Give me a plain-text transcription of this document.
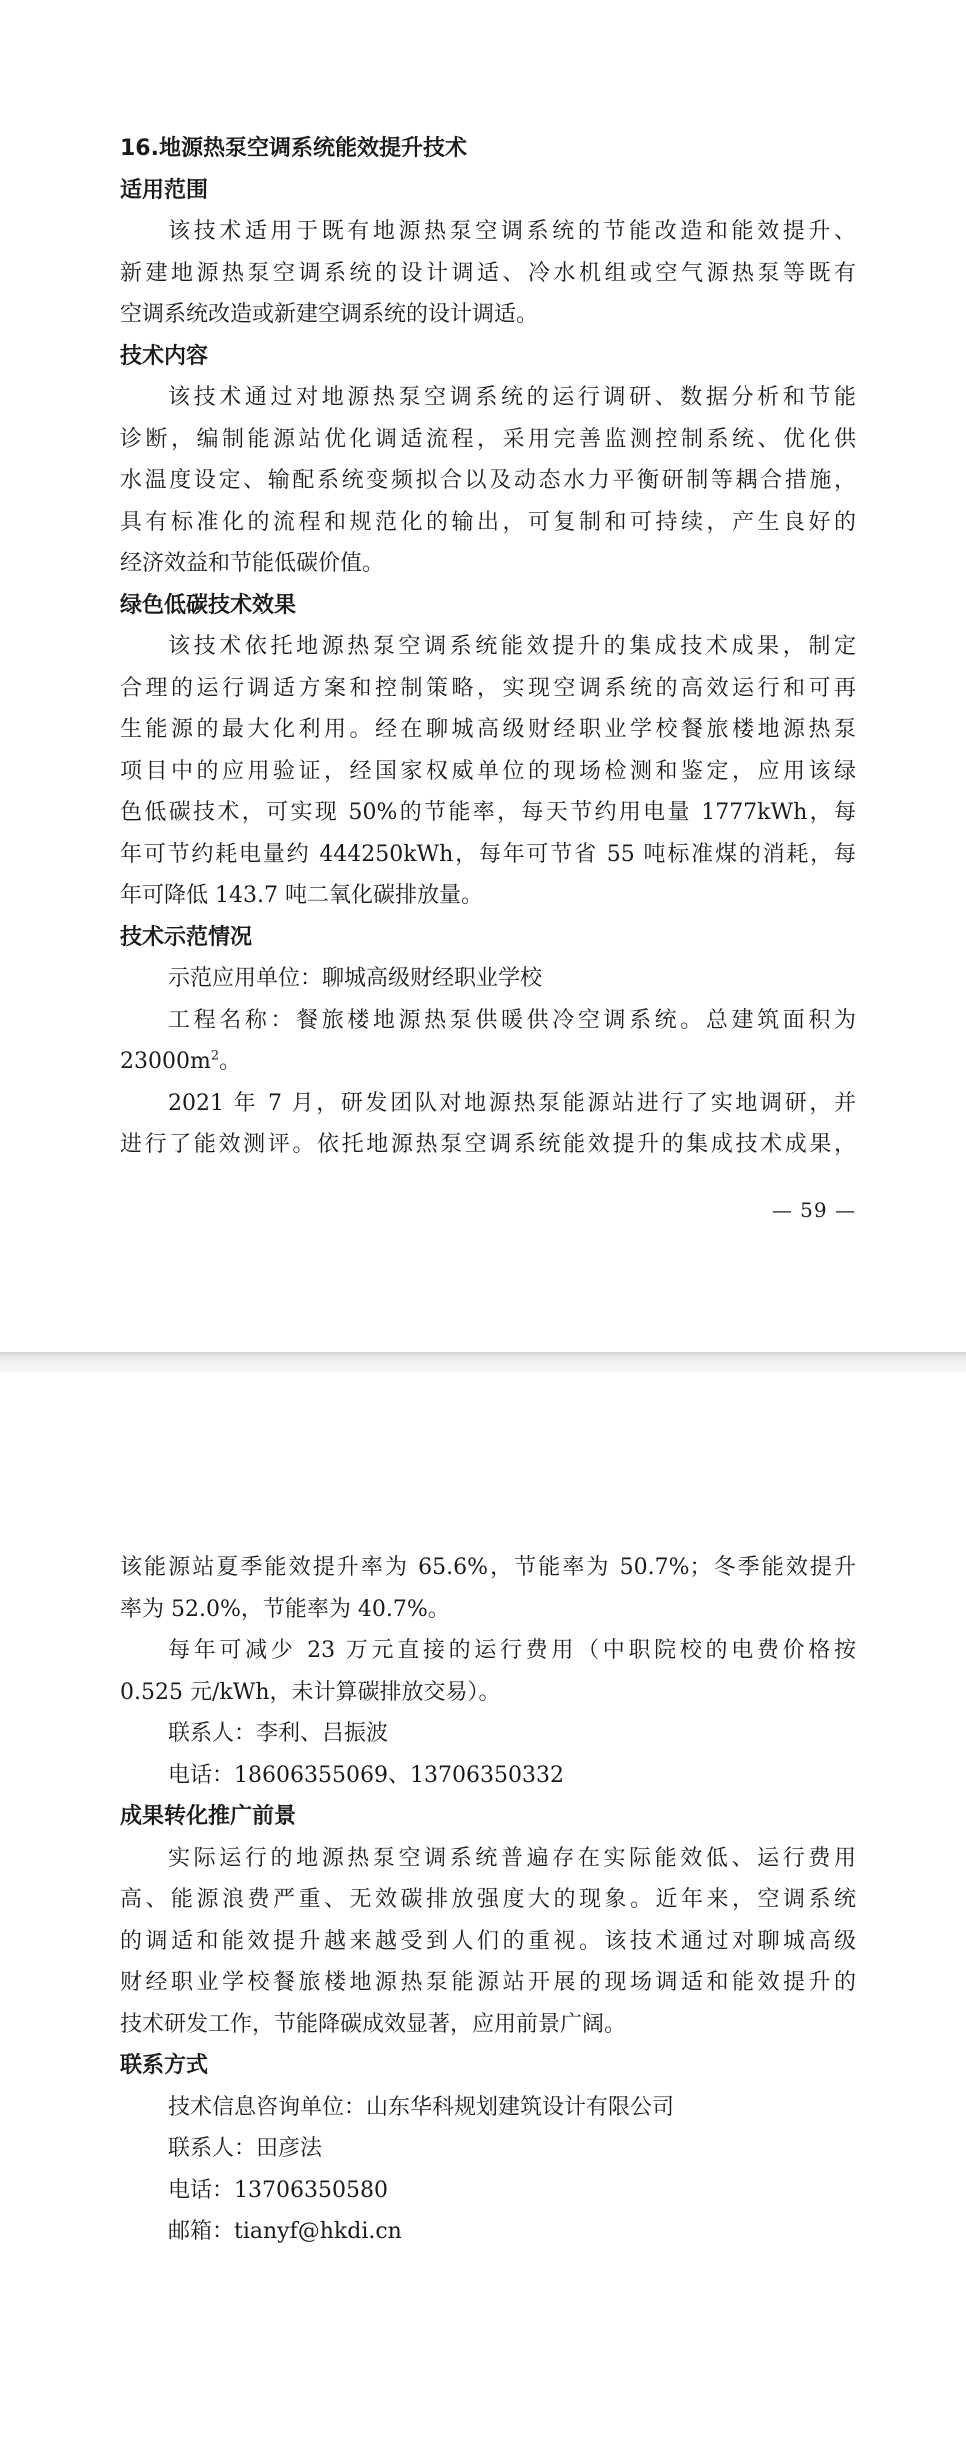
16.地源热泵空调系统能效提升技术
适用范围
该技术适用于既有地源热泵空调系统的节能改造和能效提升、
新建地源热泵空调系统的设计调适、冷水机组或空气源热泵等既有
空调系统改造或新建空调系统的设计调适。
技术内容
该技术通过对地源热泵空调系统的运行调研、数据分析和节能
诊断，编制能源站优化调适流程，采用完善监测控制系统、优化供
水温度设定、输配系统变频拟合以及动态水力平衡研制等耦合措施，
具有标准化的流程和规范化的输出，可复制和可持续，产生良好的
经济效益和节能低碳价值。
绿色低碳技术效果
该技术依托地源热泵空调系统能效提升的集成技术成果，制定
合理的运行调适方案和控制策略，实现空调系统的高效运行和可再
生能源的最大化利用。经在聊城高级财经职业学校餐旅楼地源热泵
项目中的应用验证，经国家权威单位的现场检测和鉴定，应用该绿
色低碳技术，可实现 50%的节能率，每天节约用电量 1777kWh，每
年可节约耗电量约 444250kWh，每年可节省 55 吨标准煤的消耗，每
年可降低 143.7 吨二氧化碳排放量。
技术示范情况
示范应用单位：聊城高级财经职业学校
工程名称：餐旅楼地源热泵供暖供冷空调系统。总建筑面积为
$23000m^2$。
2021 年 7 月，研发团队对地源热泵能源站进行了实地调研，并
进行了能效测评。依托地源热泵空调系统能效提升的集成技术成果，
— 59 —
该能源站夏季能效提升率为 65.6%，节能率为 50.7%；冬季能效提升
率为 52.0%，节能率为 40.7%。
每年可减少 23 万元直接的运行费用（中职院校的电费价格按
0.525 元/kWh，未计算碳排放交易）。
联系人：李利、吕振波
电话：18606355069、13706350332
成果转化推广前景
实际运行的地源热泵空调系统普遍存在实际能效低、运行费用
高、能源浪费严重、无效碳排放强度大的现象。近年来，空调系统
的调适和能效提升越来越受到人们的重视。该技术通过对聊城高级
财经职业学校餐旅楼地源热泵能源站开展的现场调适和能效提升的
技术研发工作，节能降碳成效显著，应用前景广阔。
联系方式
技术信息咨询单位：山东华科规划建筑设计有限公司
联系人：田彦法
电话：13706350580
邮箱：tianyf@hkdi.cn
